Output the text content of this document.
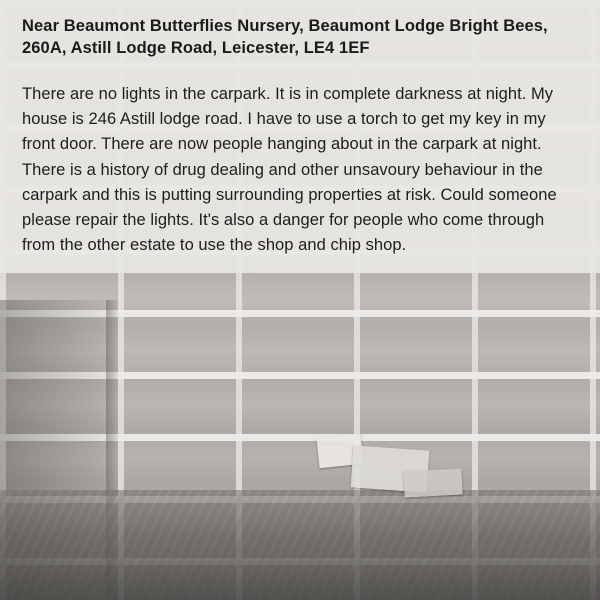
Near Beaumont Butterflies Nursery, Beaumont Lodge Bright Bees, 260A, Astill Lodge Road, Leicester, LE4 1EF

There are no lights in the carpark. It is in complete darkness at night. My house is 246 Astill lodge road. I have to use a torch to get my key in my front door. There are now people hanging about in the carpark at night. There is a history of drug dealing and other unsavoury behaviour in the carpark and this is putting surrounding properties at risk. Could someone please repair the lights. It's also a danger for people who come through from the other estate to use the shop and chip shop.
